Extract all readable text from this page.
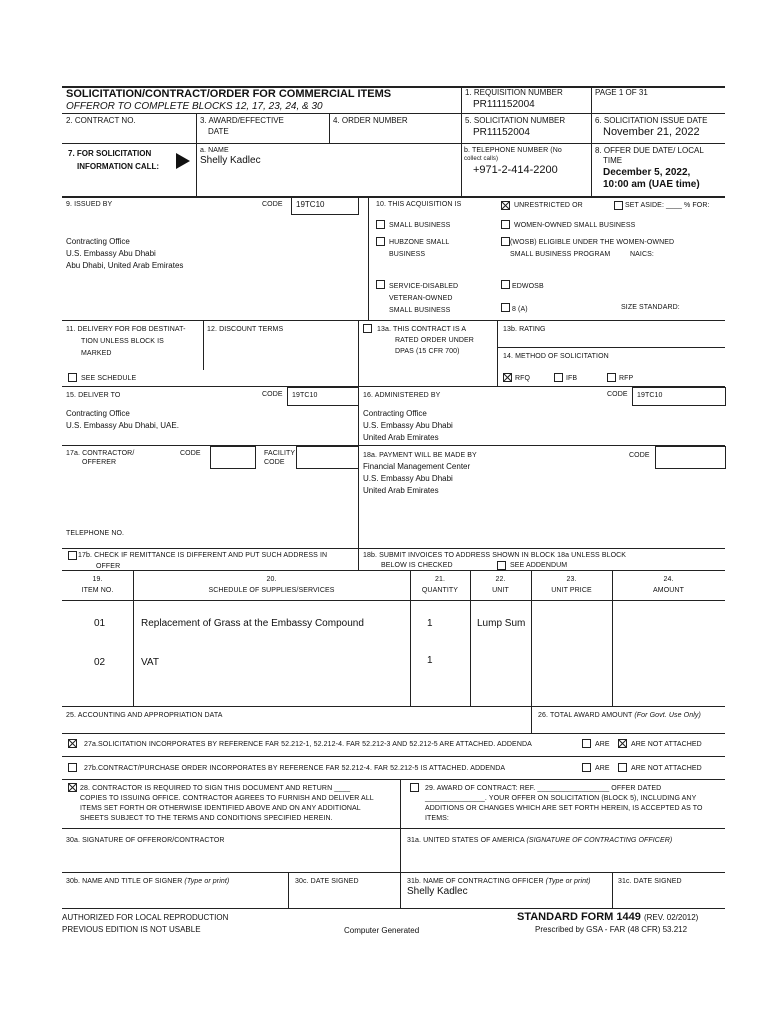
SOLICITATION/CONTRACT/ORDER FOR COMMERCIAL ITEMS
OFFEROR TO COMPLETE BLOCKS 12, 17, 23, 24, & 30
1. REQUISITION NUMBER
PR111152004
PAGE 1 OF 31
2. CONTRACT NO.	3. AWARD/EFFECTIVE
DATE
4. ORDER NUMBER	5. SOLICITATION NUMBER
PR11152004
6. SOLICITATION ISSUE DATE
November 21, 2022
7. FOR SOLICITATION
INFORMATION CALL:
a. NAME
Shelly Kadlec
b. TELEPHONE NUMBER (No
collect calls)
+971-2-414-2200
8. OFFER DUE DATE/ LOCAL
TIME
December 5, 2022,
10:00 am (UAE time)
9. ISSUED BY	CODE 19TC10
Contracting Office
U.S. Embassy Abu Dhabi
Abu Dhabi, United Arab Emirates
10. THIS ACQUISITION IS	UNRESTRICTED OR	SET ASIDE: ____ % FOR:
SMALL BUSINESS	WOMEN-OWNED SMALL BUSINESS
HUBZONE SMALL
BUSINESS
(WOSB) ELIGIBLE UNDER THE WOMEN-OWNED
SMALL BUSINESS PROGRAM	NAICS:
SERVICE-DISABLED
VETERAN-OWNED
SMALL BUSINESS
EDWOSB
8 (A)	SIZE STANDARD:
11. DELIVERY FOR FOB DESTINAT-
TION UNLESS BLOCK IS
MARKED
SEE SCHEDULE
12. DISCOUNT TERMS	13a. THIS CONTRACT IS A
RATED ORDER UNDER
DPAS (15 CFR 700)
13b. RATING
14. METHOD OF SOLICITATION
RFQ	IFB	RFP
15. DELIVER TO	CODE 19TC10
Contracting Office
U.S. Embassy Abu Dhabi, UAE.
16. ADMINISTERED BY	CODE 19TC10
Contracting Office
U.S. Embassy Abu Dhabi
United Arab Emirates
17a. CONTRACTOR/
OFFERER
CODE	FACILITY
CODE
TELEPHONE NO.
17b. CHECK IF REMITTANCE IS DIFFERENT AND PUT SUCH ADDRESS IN
OFFER
18a. PAYMENT WILL BE MADE BY	CODE
Financial Management Center
U.S. Embassy Abu Dhabi
United Arab Emirates
18b. SUBMIT INVOICES TO ADDRESS SHOWN IN BLOCK 18a UNLESS BLOCK
BELOW IS CHECKED	SEE ADDENDUM
19.
ITEM NO.
20.
SCHEDULE OF SUPPLIES/SERVICES
21.
QUANTITY
22.
UNIT
23.
UNIT PRICE
24.
AMOUNT
01	Replacement of Grass at the Embassy Compound	1	Lump Sum
02	VAT	1
25. ACCOUNTING AND APPROPRIATION DATA	26. TOTAL AWARD AMOUNT (For Govt. Use Only)
27a.SOLICITATION INCORPORATES BY REFERENCE FAR 52.212-1, 52.212-4. FAR 52.212-3 AND 52.212-5 ARE ATTACHED. ADDENDA	ARE	ARE NOT ATTACHED
27b.CONTRACT/PURCHASE ORDER INCORPORATES BY REFERENCE FAR 52.212-4. FAR 52.212-5 IS ATTACHED. ADDENDA	ARE	ARE NOT ATTACHED
28. CONTRACTOR IS REQUIRED TO SIGN THIS DOCUMENT AND RETURN ____
COPIES TO ISSUING OFFICE. CONTRACTOR AGREES TO FURNISH AND DELIVER ALL
ITEMS SET FORTH OR OTHERWISE IDENTIFIED ABOVE AND ON ANY ADDITIONAL
SHEETS SUBJECT TO THE TERMS AND CONDITIONS SPECIFIED HEREIN.
29. AWARD OF CONTRACT: REF. __________________ OFFER DATED
_______________. YOUR OFFER ON SOLICITATION (BLOCK 5), INCLUDING ANY
ADDITIONS OR CHANGES WHICH ARE SET FORTH HEREIN, IS ACCEPTED AS TO
ITEMS:
30a. SIGNATURE OF OFFEROR/CONTRACTOR	31a. UNITED STATES OF AMERICA (SIGNATURE OF CONTRACTING OFFICER)
30b. NAME AND TITLE OF SIGNER (Type or print)	30c. DATE SIGNED	31b. NAME OF CONTRACTING OFFICER (Type or print)
Shelly Kadlec
31c. DATE SIGNED
AUTHORIZED FOR LOCAL REPRODUCTION
PREVIOUS EDITION IS NOT USABLE	Computer Generated
STANDARD FORM 1449 (REV. 02/2012)
Prescribed by GSA - FAR (48 CFR) 53.212
